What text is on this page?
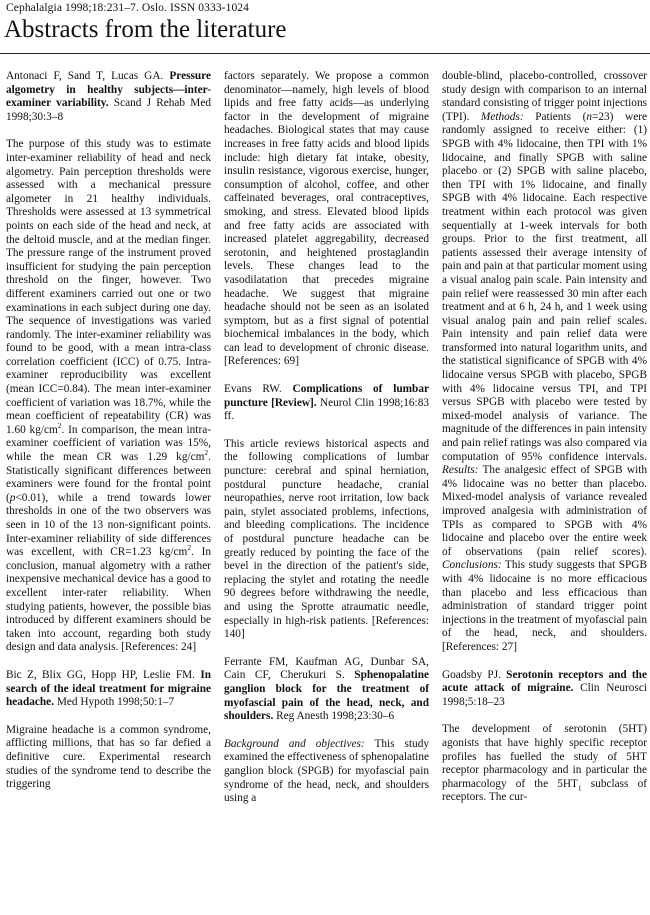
Cephalalgia 1998;18:231–7. Oslo. ISSN 0333-1024
Abstracts from the literature

Antonaci F, Sand T, Lucas GA. Pressure algometry in healthy subjects—inter-examiner variability. Scand J Rehab Med 1998;30:3–8

The purpose of this study was to estimate inter-examiner reliability of head and neck algometry. Pain perception thresholds were assessed with a mechanical pressure algometer in 21 healthy individuals. Thresholds were assessed at 13 symmetrical points on each side of the head and neck, at the deltoid muscle, and at the median finger. The pressure range of the instrument proved insufficient for studying the pain perception threshold on the finger, however. Two different examiners carried out one or two examinations in each subject during one day. The sequence of investigations was varied randomly. The inter-examiner reliability was found to be good, with a mean intra-class correlation coefficient (ICC) of 0.75. Intra-examiner reproducibility was excellent (mean ICC=0.84). The mean inter-examiner coefficient of variation was 18.7%, while the mean coefficient of repeatability (CR) was 1.60 $kg/cm^2$. In comparison, the mean intra-examiner coefficient of variation was 15%, while the mean CR was 1.29 $kg/cm^2$. Statistically significant differences between examiners were found for the frontal point (p<0.01), while a trend towards lower thresholds in one of the two observers was seen in 10 of the 13 non-significant points. Inter-examiner reliability of side differences was excellent, with CR=1.23 $kg/cm^2$. In conclusion, manual algometry with a rather inexpensive mechanical device has a good to excellent inter-rater reliability. When studying patients, however, the possible bias introduced by different examiners should be taken into account, regarding both study design and data analysis. [References: 24]

Bic Z, Blix GG, Hopp HP, Leslie FM. In search of the ideal treatment for migraine headache. Med Hypoth 1998;50:1–7

Migraine headache is a common syndrome, afflicting millions, that has so far defied a definitive cure. Experimental research studies of the syndrome tend to describe the triggering

factors separately. We propose a common denominator—namely, high levels of blood lipids and free fatty acids—as underlying factor in the development of migraine headaches. Biological states that may cause increases in free fatty acids and blood lipids include: high dietary fat intake, obesity, insulin resistance, vigorous exercise, hunger, consumption of alcohol, coffee, and other caffeinated beverages, oral contraceptives, smoking, and stress. Elevated blood lipids and free fatty acids are associated with increased platelet aggregability, decreased serotonin, and heightened prostaglandin levels. These changes lead to the vasodilatation that precedes migraine headache. We suggest that migraine headache should not be seen as an isolated symptom, but as a first signal of potential biochemical imbalances in the body, which can lead to development of chronic disease. [References: 69]

Evans RW. Complications of lumbar puncture [Review]. Neurol Clin 1998;16:83 ff.

This article reviews historical aspects and the following complications of lumbar puncture: cerebral and spinal herniation, postdural puncture headache, cranial neuropathies, nerve root irritation, low back pain, stylet associated problems, infections, and bleeding complications. The incidence of postdural puncture headache can be greatly reduced by pointing the face of the bevel in the direction of the patient's side, replacing the stylet and rotating the needle 90 degrees before withdrawing the needle, and using the Sprotte atraumatic needle, especially in high-risk patients. [References: 140]

Ferrante FM, Kaufman AG, Dunbar SA, Cain CF, Cherukuri S. Sphenopalatine ganglion block for the treatment of myofascial pain of the head, neck, and shoulders. Reg Anesth 1998;23:30–6

Background and objectives: This study examined the effectiveness of sphenopalatine ganglion block (SPGB) for myofascial pain syndrome of the head, neck, and shoulders using a

double-blind, placebo-controlled, crossover study design with comparison to an internal standard consisting of trigger point injections (TPI). Methods: Patients (n=23) were randomly assigned to receive either: (1) SPGB with 4% lidocaine, then TPI with 1% lidocaine, and finally SPGB with saline placebo or (2) SPGB with saline placebo, then TPI with 1% lidocaine, and finally SPGB with 4% lidocaine. Each respective treatment within each protocol was given sequentially at 1-week intervals for both groups. Prior to the first treatment, all patients assessed their average intensity of pain and pain at that particular moment using a visual analog pain scale. Pain intensity and pain relief were reassessed 30 min after each treatment and at 6 h, 24 h, and 1 week using visual analog pain and pain relief scales. Pain intensity and pain relief data were transformed into natural logarithm units, and the statistical significance of SPGB with 4% lidocaine versus SPGB with placebo, SPGB with 4% lidocaine versus TPI, and TPI versus SPGB with placebo were tested by mixed-model analysis of variance. The magnitude of the differences in pain intensity and pain relief ratings was also compared via computation of 95% confidence intervals. Results: The analgesic effect of SPGB with 4% lidocaine was no better than placebo. Mixed-model analysis of variance revealed improved analgesia with administration of TPIs as compared to SPGB with 4% lidocaine and placebo over the entire week of observations (pain relief scores). Conclusions: This study suggests that SPGB with 4% lidocaine is no more efficacious than placebo and less efficacious than administration of standard trigger point injections in the treatment of myofascial pain of the head, neck, and shoulders. [References: 27]

Goadsby PJ. Serotonin receptors and the acute attack of migraine. Clin Neurosci 1998;5:18–23

The development of serotonin (5HT) agonists that have highly specific receptor profiles has fuelled the study of 5HT receptor pharmacology and in particular the pharmacology of the $5HT_1$ subclass of receptors. The cur-
